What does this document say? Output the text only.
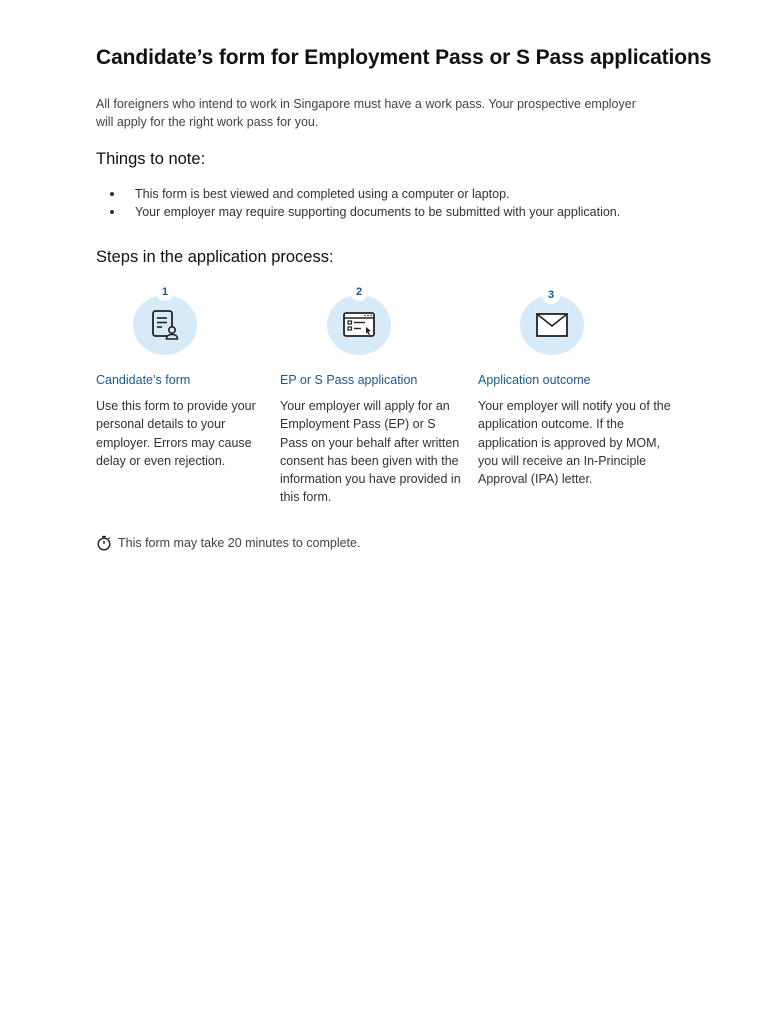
Candidate’s form for Employment Pass or S Pass applications

All foreigners who intend to work in Singapore must have a work pass. Your prospective employer will apply for the right work pass for you.

Things to note:
This form is best viewed and completed using a computer or laptop.
Your employer may require supporting documents to be submitted with your application.
Steps in the application process:
1
Candidate’s form

Use this form to provide your personal details to your employer. Errors may cause delay or even rejection.

2
EP or S Pass application

Your employer will apply for an Employment Pass (EP) or S Pass on your behalf after written consent has been given with the information you have provided in this form.

3
Application outcome

Your employer will notify you of the application outcome. If the application is approved by MOM, you will receive an In-Principle Approval (IPA) letter.

This form may take 20 minutes to complete.
